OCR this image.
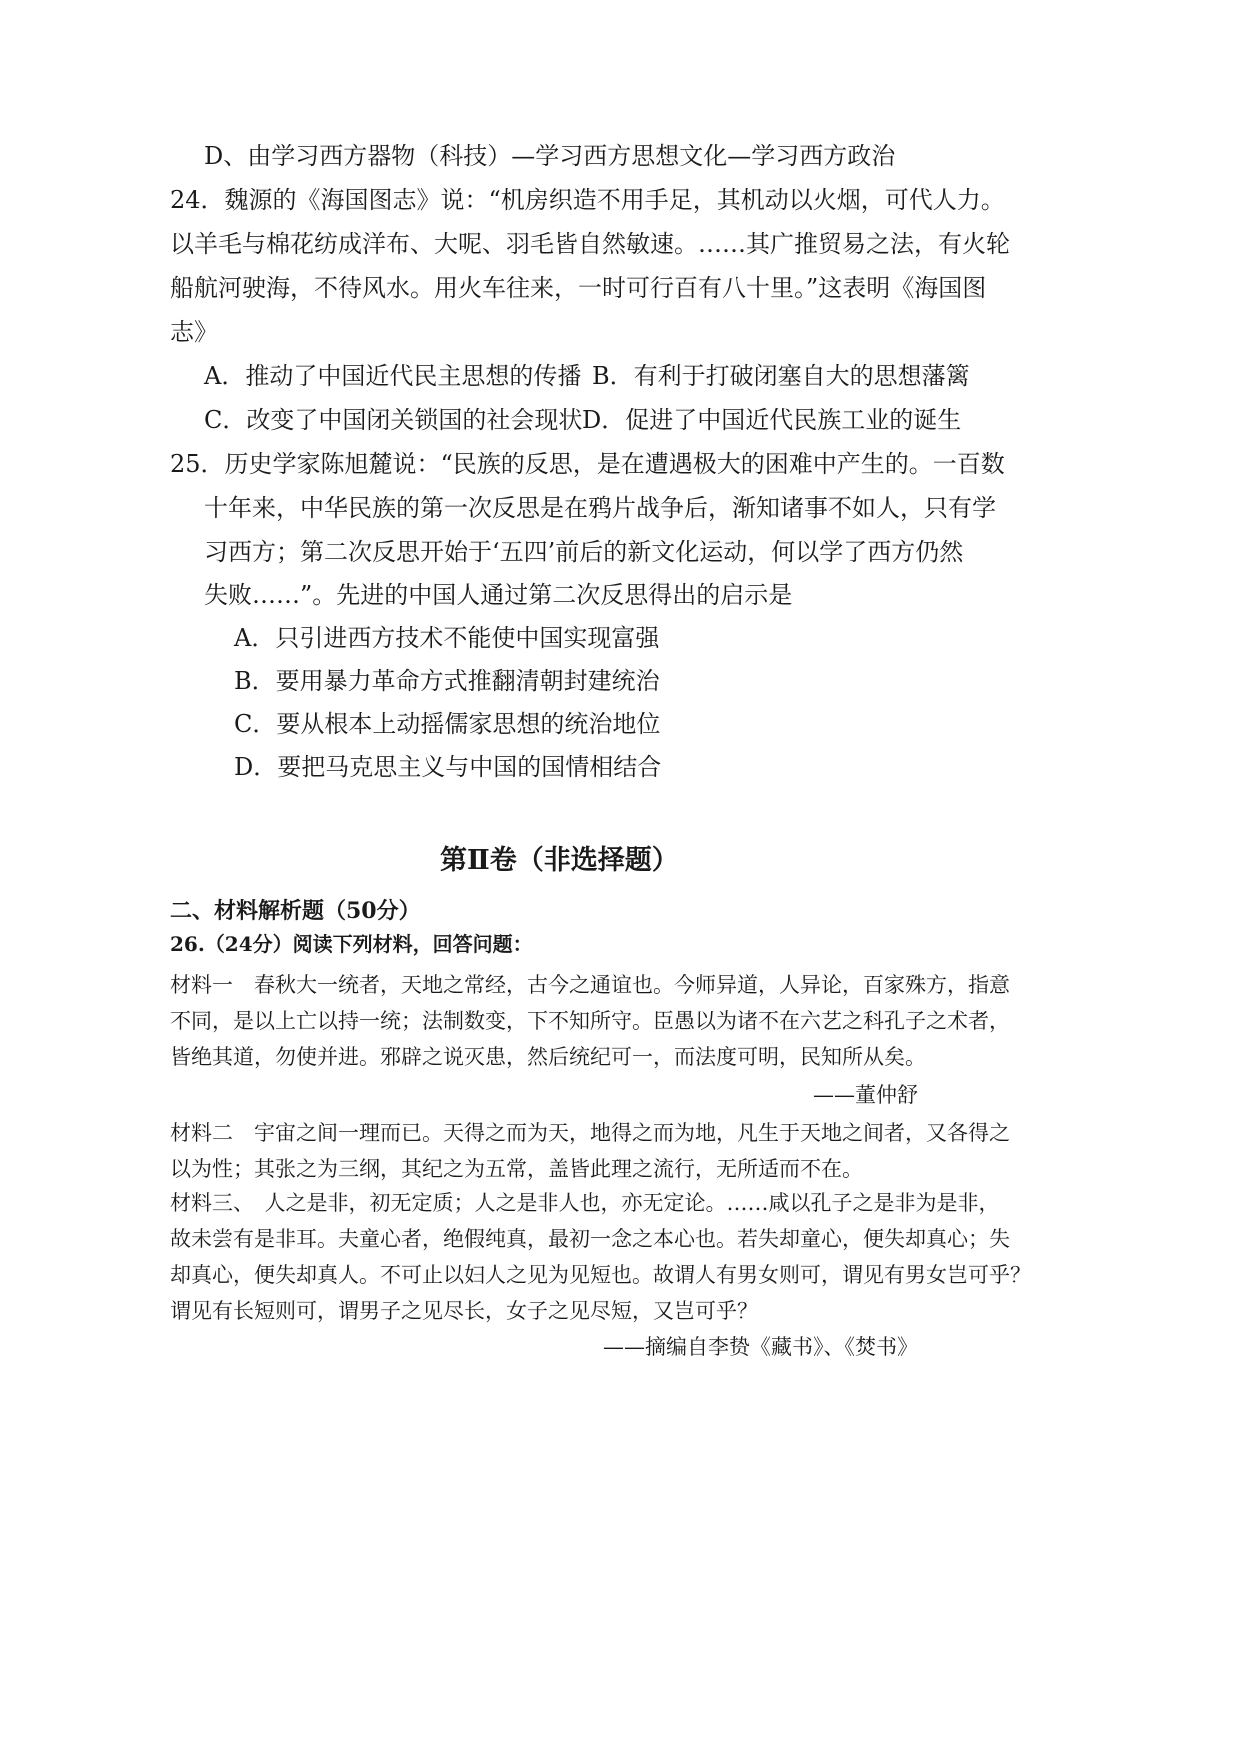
D、由学习西方器物（科技）—学习西方思想文化—学习西方政治
24．魏源的《海国图志》说：“机房织造不用手足，其机动以火烟，可代人力。
以羊毛与棉花纺成洋布、大呢、羽毛皆自然敏速。……其广推贸易之法，有火轮
船航河驶海，不待风水。用火车往来，一时可行百有八十里。”这表明《海国图
志》
A．推动了中国近代民主思想的传播 B．有利于打破闭塞自大的思想藩篱
C．改变了中国闭关锁国的社会现状 D．促进了中国近代民族工业的诞生
25．历史学家陈旭麓说：“民族的反思，是在遭遇极大的困难中产生的。一百数
十年来，中华民族的第一次反思是在鸦片战争后，渐知诸事不如人，只有学
习西方；第二次反思开始于‘五四’前后的新文化运动，何以学了西方仍然
失败……”。先进的中国人通过第二次反思得出的启示是
A．只引进西方技术不能使中国实现富强
B．要用暴力革命方式推翻清朝封建统治
C．要从根本上动摇儒家思想的统治地位
D．要把马克思主义与中国的国情相结合
第Ⅱ卷（非选择题）
二、材料解析题（50分）
26.（24分）阅读下列材料，回答问题：
材料一　春秋大一统者，天地之常经，古今之通谊也。今师异道，人异论，百家殊方，指意
不同，是以上亡以持一统；法制数变，下不知所守。臣愚以为诸不在六艺之科孔子之术者，
皆绝其道，勿使并进。邪辟之说灭患，然后统纪可一，而法度可明，民知所从矣。
——董仲舒
材料二　宇宙之间一理而已。天得之而为天，地得之而为地，凡生于天地之间者，又各得之
以为性；其张之为三纲，其纪之为五常，盖皆此理之流行，无所适而不在。
材料三、　人之是非，初无定质；人之是非人也，亦无定论。……咸以孔子之是非为是非，
故未尝有是非耳。夫童心者，绝假纯真，最初一念之本心也。若失却童心，便失却真心；失
却真心，便失却真人。不可止以妇人之见为见短也。故谓人有男女则可，谓见有男女岂可乎？
谓见有长短则可，谓男子之见尽长，女子之见尽短，又岂可乎？
——摘编自李贽《藏书》、《焚书》
